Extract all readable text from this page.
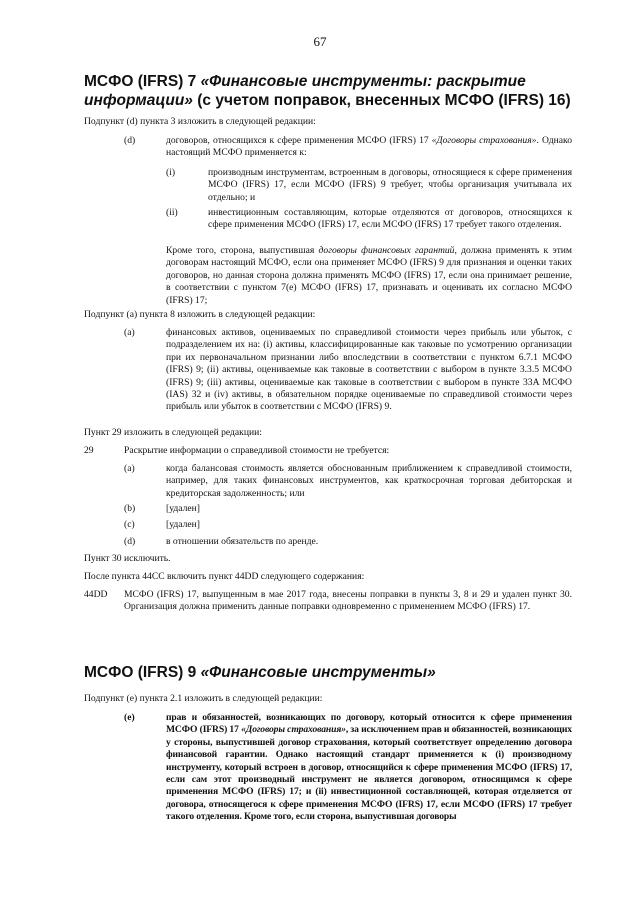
67
МСФО (IFRS) 7 «Финансовые инструменты: раскрытие
информации» (с учетом поправок, внесенных МСФО (IFRS) 16)
Подпункт (d) пункта 3 изложить в следующей редакции:
(d)	договоров, относящихся к сфере применения МСФО (IFRS) 17 «Договоры страхования». Однако настоящий МСФО применяется к:
(i)	производным инструментам, встроенным в договоры, относящиеся к сфере применения МСФО (IFRS) 17, если МСФО (IFRS) 9 требует, чтобы организация учитывала их отдельно; и
(ii)	инвестиционным составляющим, которые отделяются от договоров, относящихся к сфере применения МСФО (IFRS) 17, если МСФО (IFRS) 17 требует такого отделения.
Кроме того, сторона, выпустившая договоры финансовых гарантий, должна применять к этим договорам настоящий МСФО, если она применяет МСФО (IFRS) 9 для признания и оценки таких договоров, но данная сторона должна применять МСФО (IFRS) 17, если она принимает решение, в соответствии с пунктом 7(e) МСФО (IFRS) 17, признавать и оценивать их согласно МСФО (IFRS) 17;
Подпункт (a) пункта 8 изложить в следующей редакции:
(a)	финансовых активов, оцениваемых по справедливой стоимости через прибыль или убыток, с подразделением их на: (i) активы, классифицированные как таковые по усмотрению организации при их первоначальном признании либо впоследствии в соответствии с пунктом 6.7.1 МСФО (IFRS) 9; (ii) активы, оцениваемые как таковые в соответствии с выбором в пункте 3.3.5 МСФО (IFRS) 9; (iii) активы, оцениваемые как таковые в соответствии с выбором в пункте 33A МСФО (IAS) 32 и (iv) активы, в обязательном порядке оцениваемые по справедливой стоимости через прибыль или убыток в соответствии с МСФО (IFRS) 9.
Пункт 29 изложить в следующей редакции:
29	Раскрытие информации о справедливой стоимости не требуется:
(a)	когда балансовая стоимость является обоснованным приближением к справедливой стоимости, например, для таких финансовых инструментов, как краткосрочная торговая дебиторская и кредиторская задолженность; или
(b)	[удален]
(c)	[удален]
(d)	в отношении обязательств по аренде.
Пункт 30 исключить.
После пункта 44CC включить пункт 44DD следующего содержания:
44DD МСФО (IFRS) 17, выпущенным в мае 2017 года, внесены поправки в пункты 3, 8 и 29 и удален пункт 30. Организация должна применить данные поправки одновременно с применением МСФО (IFRS) 17.
МСФО (IFRS) 9 «Финансовые инструменты»
Подпункт (e) пункта 2.1 изложить в следующей редакции:
(e)	прав и обязанностей, возникающих по договору, который относится к сфере применения МСФО (IFRS) 17 «Договоры страхования», за исключением прав и обязанностей, возникающих у стороны, выпустившей договор страхования, который соответствует определению договора финансовой гарантии. Однако настоящий стандарт применяется к (i) производному инструменту, который встроен в договор, относящийся к сфере применения МСФО (IFRS) 17, если сам этот производный инструмент не является договором, относящимся к сфере применения МСФО (IFRS) 17; и (ii) инвестиционной составляющей, которая отделяется от договора, относящегося к сфере применения МСФО (IFRS) 17, если МСФО (IFRS) 17 требует такого отделения. Кроме того, если сторона, выпустившая договоры
